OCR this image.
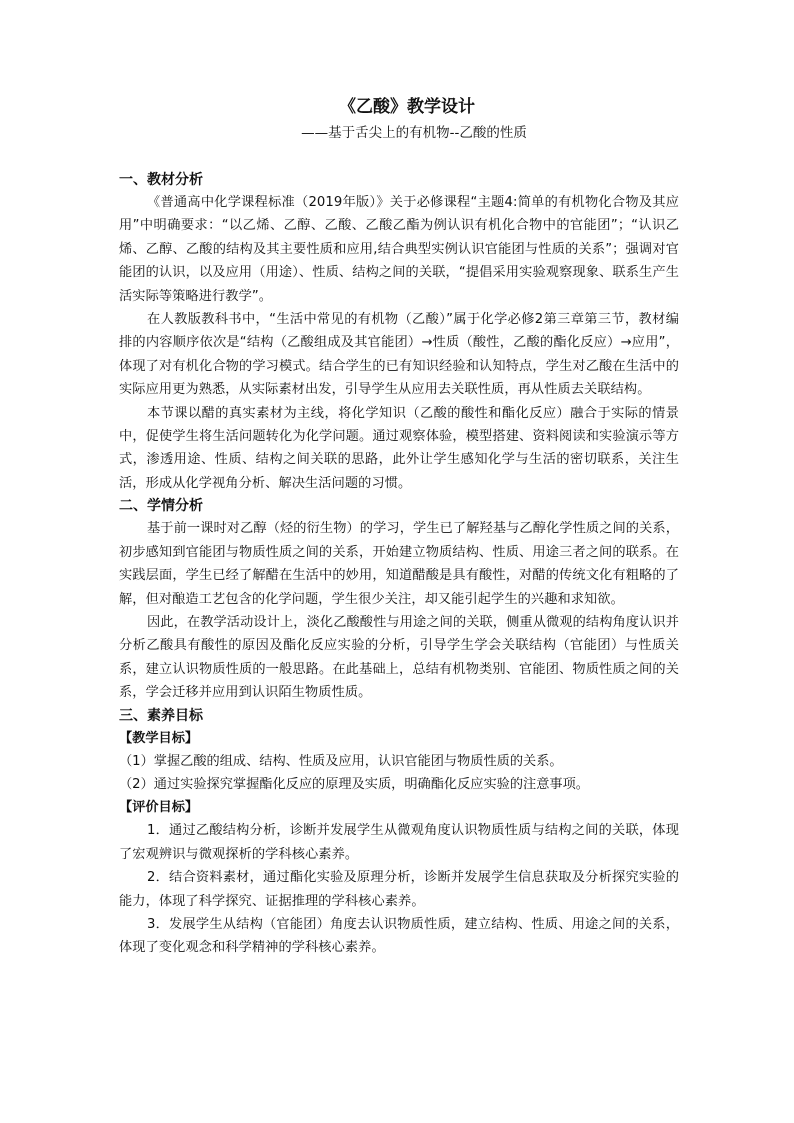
《乙酸》教学设计

——基于舌尖上的有机物--乙酸的性质

一、教材分析

《普通高中化学课程标准（2019年版）》关于必修课程“主题4:简单的有机物化合物及其应用”中明确要求：“以乙烯、乙醇、乙酸、乙酸乙酯为例认识有机化合物中的官能团”；“认识乙烯、乙醇、乙酸的结构及其主要性质和应用,结合典型实例认识官能团与性质的关系”；强调对官能团的认识，以及应用（用途）、性质、结构之间的关联，“提倡采用实验观察现象、联系生产生活实际等策略进行教学”。

在人教版教科书中，“生活中常见的有机物（乙酸）”属于化学必修2第三章第三节，教材编排的内容顺序依次是“结构（乙酸组成及其官能团）→性质（酸性，乙酸的酯化反应）→应用”，体现了对有机化合物的学习模式。结合学生的已有知识经验和认知特点，学生对乙酸在生活中的实际应用更为熟悉，从实际素材出发，引导学生从应用去关联性质，再从性质去关联结构。

本节课以醋的真实素材为主线，将化学知识（乙酸的酸性和酯化反应）融合于实际的情景中，促使学生将生活问题转化为化学问题。通过观察体验，模型搭建、资料阅读和实验演示等方式，渗透用途、性质、结构之间关联的思路，此外让学生感知化学与生活的密切联系，关注生活，形成从化学视角分析、解决生活问题的习惯。

二、学情分析

基于前一课时对乙醇（烃的衍生物）的学习，学生已了解羟基与乙醇化学性质之间的关系，初步感知到官能团与物质性质之间的关系，开始建立物质结构、性质、用途三者之间的联系。在实践层面，学生已经了解醋在生活中的妙用，知道醋酸是具有酸性，对醋的传统文化有粗略的了解，但对酿造工艺包含的化学问题，学生很少关注，却又能引起学生的兴趣和求知欲。

因此，在教学活动设计上，淡化乙酸酸性与用途之间的关联，侧重从微观的结构角度认识并分析乙酸具有酸性的原因及酯化反应实验的分析，引导学生学会关联结构（官能团）与性质关系，建立认识物质性质的一般思路。在此基础上，总结有机物类别、官能团、物质性质之间的关系，学会迁移并应用到认识陌生物质性质。

三、素养目标

【教学目标】

（1）掌握乙酸的组成、结构、性质及应用，认识官能团与物质性质的关系。

（2）通过实验探究掌握酯化反应的原理及实质，明确酯化反应实验的注意事项。

【评价目标】

1．通过乙酸结构分析，诊断并发展学生从微观角度认识物质性质与结构之间的关联，体现了宏观辨识与微观探析的学科核心素养。

2．结合资料素材，通过酯化实验及原理分析，诊断并发展学生信息获取及分析探究实验的能力，体现了科学探究、证据推理的学科核心素养。

3．发展学生从结构（官能团）角度去认识物质性质，建立结构、性质、用途之间的关系，体现了变化观念和科学精神的学科核心素养。
